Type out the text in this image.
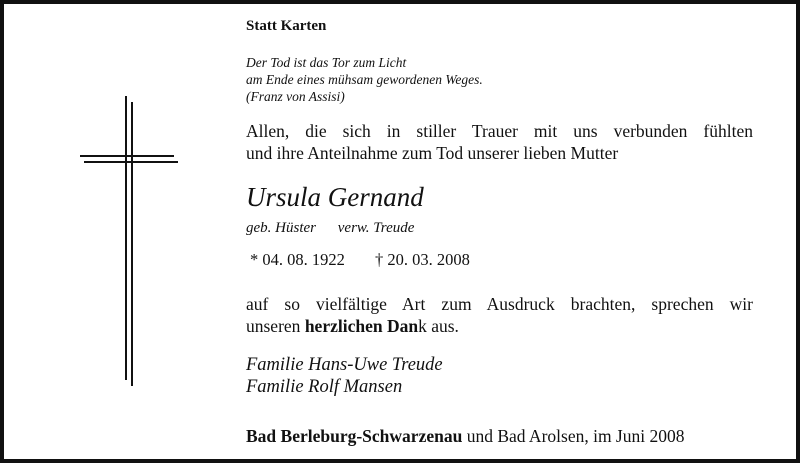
Statt Karten
Der Tod ist das Tor zum Licht
am Ende eines mühsam gewordenen Weges.
(Franz von Assisi)
Allen, die sich in stiller Trauer mit uns verbunden fühlten
und ihre Anteilnahme zum Tod unserer lieben Mutter
Ursula Gernand
geb. Hüster verw. Treude
* 04. 08. 1922 † 20. 03. 2008
auf so vielfältige Art zum Ausdruck brachten, sprechen wir
unseren herzlichen Dank aus.
Familie Hans-Uwe Treude
Familie Rolf Mansen
Bad Berleburg-Schwarzenau und Bad Arolsen, im Juni 2008
